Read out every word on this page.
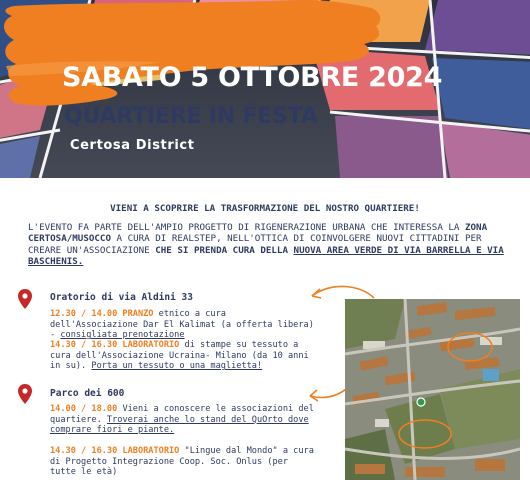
SABATO 5 OTTOBRE 2024
QUARTIERE IN FESTA
Certosa District
VIENI A SCOPRIRE LA TRASFORMAZIONE DEL NOSTRO QUARTIERE!
L'EVENTO FA PARTE DELL'AMPIO PROGETTO DI RIGENERAZIONE URBANA CHE INTERESSA LA ZONA CERTOSA/MUSOCCO A CURA DI REALSTEP, NELL'OTTICA DI COINVOLGERE NUOVI CITTADINI PER CREARE UN'ASSOCIAZIONE CHE SI PRENDA CURA DELLA NUOVA AREA VERDE DI VIA BARRELLA E VIA BASCHENIS.
Oratorio di via Aldini 33
12.30 / 14.00 PRANZO etnico a cura dell'Associazione Dar El Kalimat (a offerta libera) - consigliata prenotazione
14.30 / 16.30 LABORATORIO di stampe su tessuto a cura dell'Associazione Ucraina- Milano (da 10 anni in su). Porta un tessuto o una maglietta!
Parco dei 600
14.00 / 18.00 Vieni a conoscere le associazioni del quartiere. Troverai anche lo stand del QuOrto dove comprare fiori e piante.
14.30 / 16.30 LABORATORIO "Lingue dal Mondo" a cura di Progetto Integrazione Coop. Soc. Onlus (per tutte le età)
